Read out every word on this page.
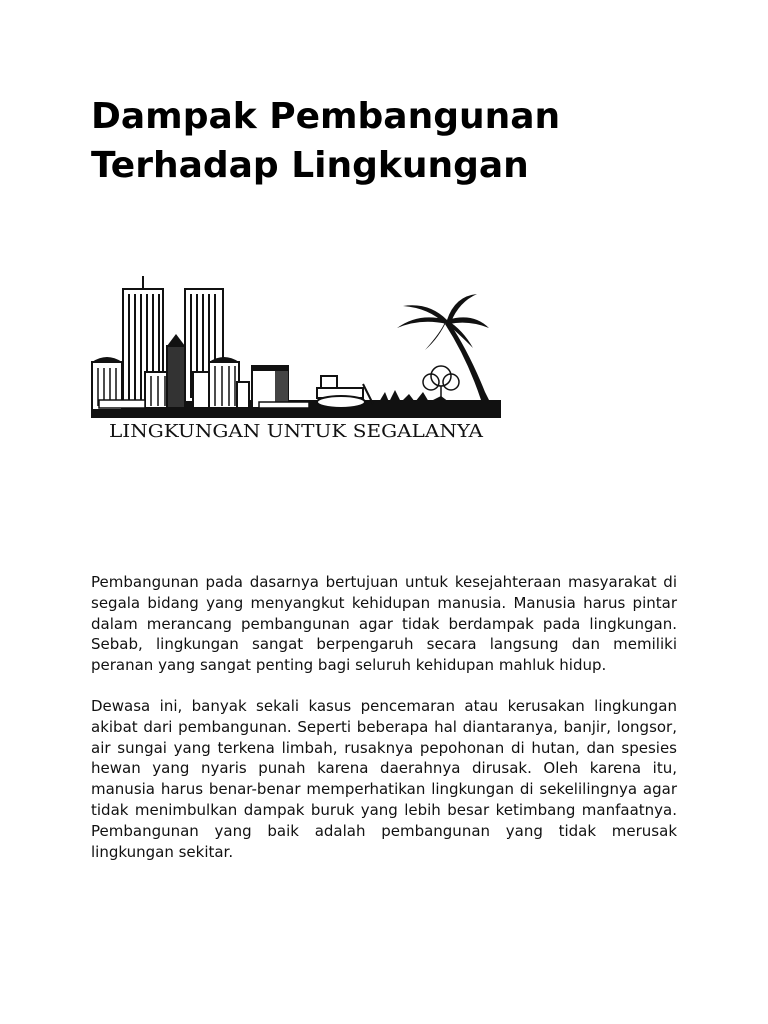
Dampak Pembangunan Terhadap Lingkungan
LINGKUNGAN UNTUK SEGALANYA

Pembangunan pada dasarnya bertujuan untuk kesejahteraan masyarakat di segala bidang yang menyangkut kehidupan manusia. Manusia harus pintar dalam merancang pembangunan agar tidak berdampak pada lingkungan. Sebab, lingkungan sangat berpengaruh secara langsung dan memiliki peranan yang sangat penting bagi seluruh kehidupan mahluk hidup.

Dewasa ini, banyak sekali kasus pencemaran atau kerusakan lingkungan akibat dari pembangunan. Seperti beberapa hal diantaranya, banjir, longsor, air sungai yang terkena limbah, rusaknya pepohonan di hutan, dan spesies hewan yang nyaris punah karena daerahnya dirusak. Oleh karena itu, manusia harus benar-benar memperhatikan lingkungan di sekelilingnya agar tidak menimbulkan dampak buruk yang lebih besar ketimbang manfaatnya. Pembangunan yang baik adalah pembangunan yang tidak merusak lingkungan sekitar.
